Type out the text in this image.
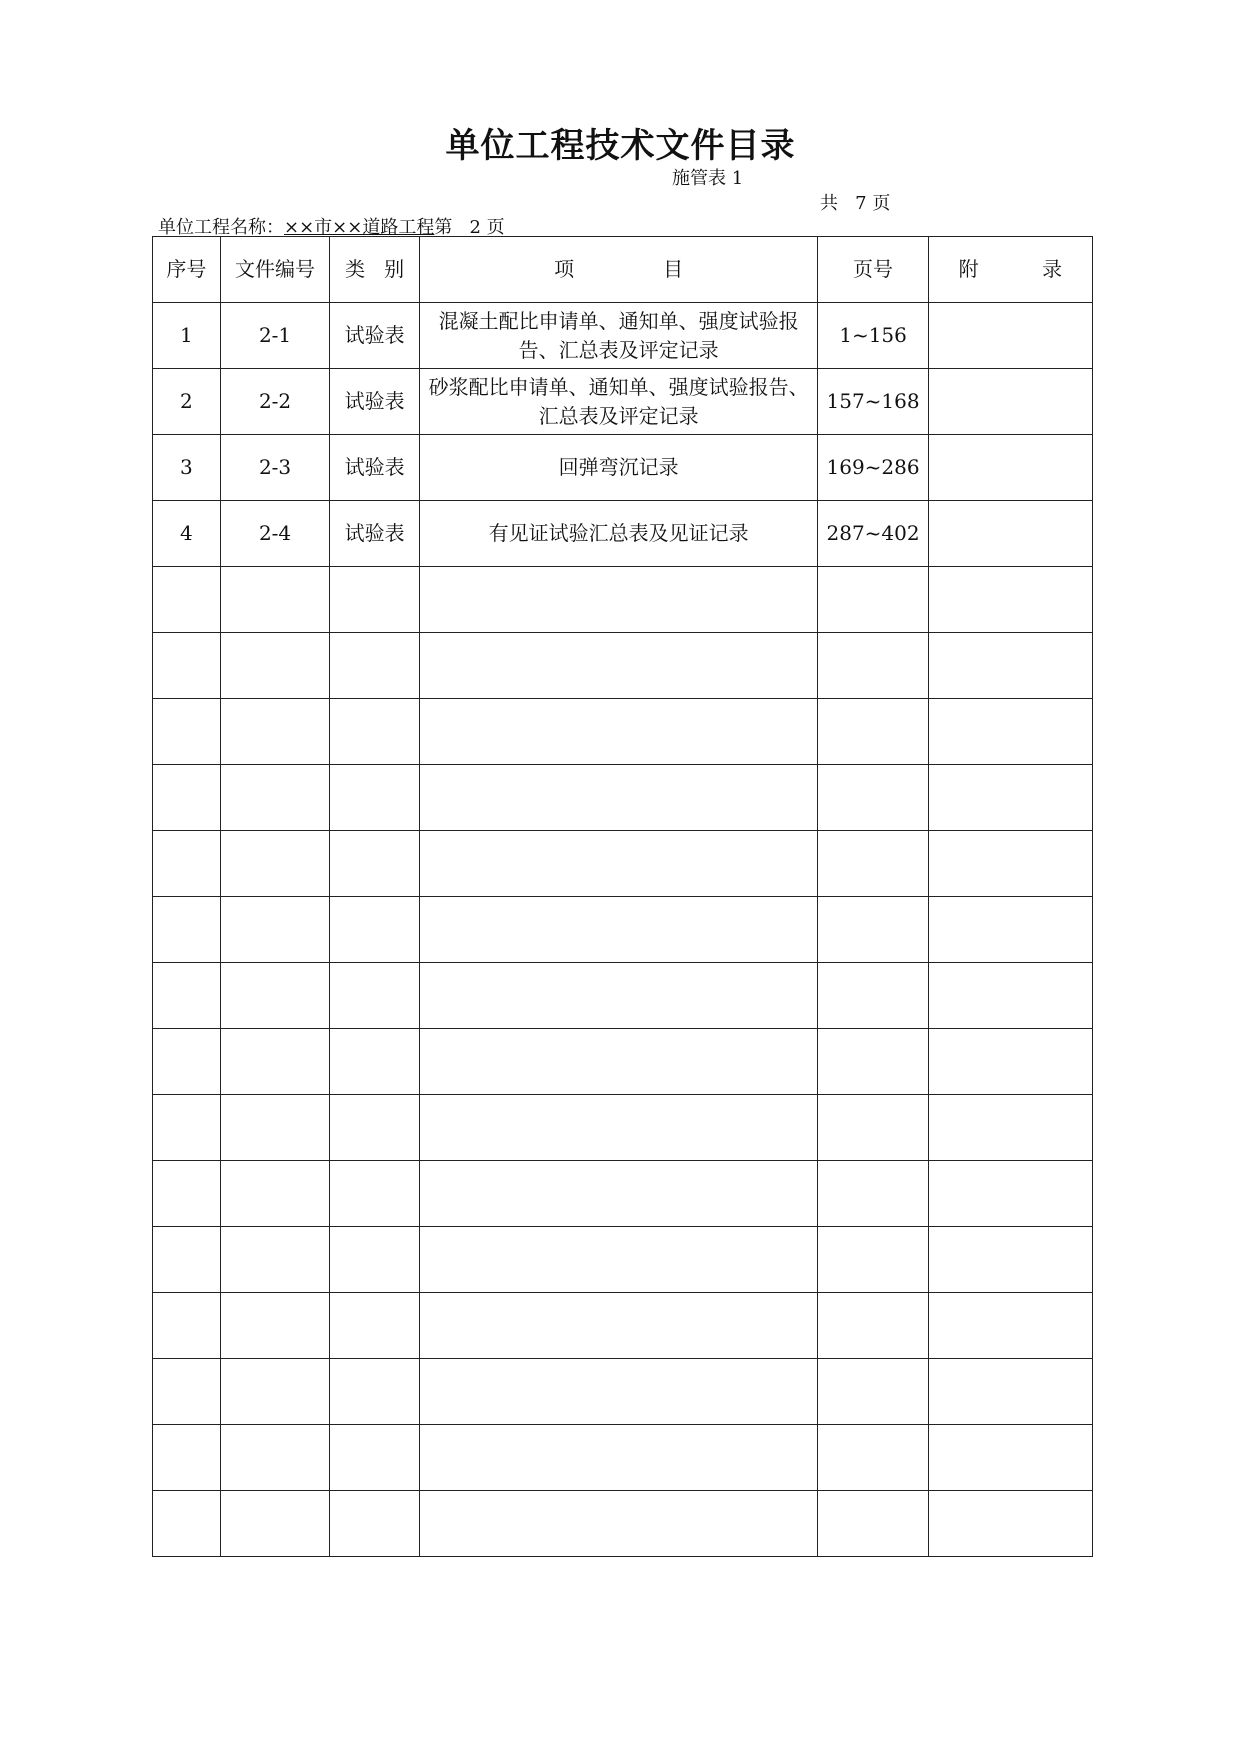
单位工程技术文件目录
施管表 1
共   7 页
单位工程名称：××市××道路工程第   2 页
序号	文件编号	类   别	项              目	页号	附          录
1	2-1	试验表	混凝土配比申请单、通知单、强度试验报告、汇总表及评定记录	1~156	
2	2-2	试验表	砂浆配比申请单、通知单、强度试验报告、汇总表及评定记录	157~168	
3	2-3	试验表	回弹弯沉记录	169~286	
4	2-4	试验表	有见证试验汇总表及见证记录	287~402	
